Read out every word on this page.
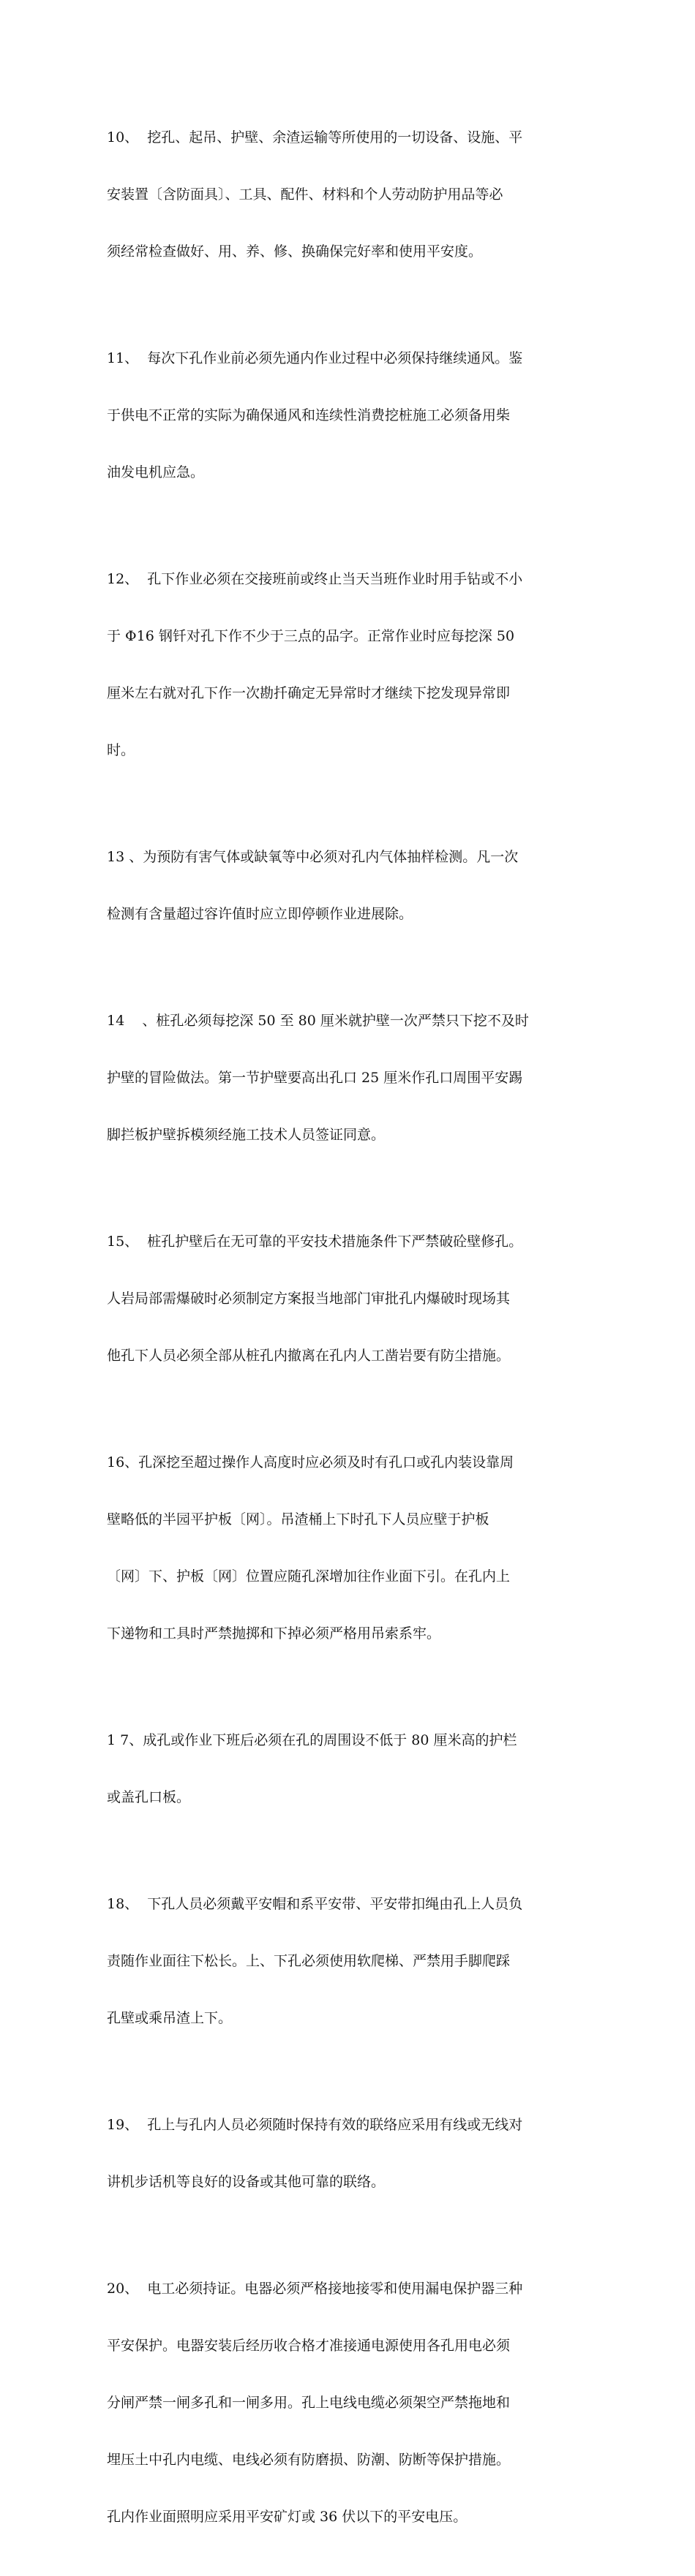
10、  挖孔、起吊、护壁、余渣运输等所使用的一切设备、设施、平

安装置〔含防面具〕、工具、配件、材料和个人劳动防护用品等必

须经常检查做好、用、养、修、换确保完好率和使用平安度。

11、  每次下孔作业前必须先通内作业过程中必须保持继续通风。鉴

于供电不正常的实际为确保通风和连续性消费挖桩施工必须备用柴

油发电机应急。

12、  孔下作业必须在交接班前或终止当天当班作业时用手钻或不小

于 Φ16 钢钎对孔下作不少于三点的品字。正常作业时应每挖深 50

厘米左右就对孔下作一次勘扦确定无异常时才继续下挖发现异常即

时。

13 、为预防有害气体或缺氧等中必须对孔内气体抽样检测。凡一次

检测有含量超过容许值时应立即停顿作业进展除。

14    、桩孔必须每挖深 50 至 80 厘米就护壁一次严禁只下挖不及时

护壁的冒险做法。第一节护壁要高出孔口 25 厘米作孔口周围平安踢

脚拦板护壁拆模须经施工技术人员签证同意。

15、  桩孔护壁后在无可靠的平安技术措施条件下严禁破砼壁修孔。

人岩局部需爆破时必须制定方案报当地部门审批孔内爆破时现场其

他孔下人员必须全部从桩孔内撤离在孔内人工凿岩要有防尘措施。

16、孔深挖至超过操作人高度时应必须及时有孔口或孔内装设靠周

壁略低的半园平护板〔网〕。吊渣桶上下时孔下人员应壁于护板

〔网〕下、护板〔网〕位置应随孔深增加往作业面下引。在孔内上

下递物和工具时严禁抛掷和下掉必须严格用吊索系牢。

1 7、成孔或作业下班后必须在孔的周围设不低于 80 厘米高的护栏

或盖孔口板。

18、  下孔人员必须戴平安帽和系平安带、平安带扣绳由孔上人员负

责随作业面往下松长。上、下孔必须使用软爬梯、严禁用手脚爬踩

孔壁或乘吊渣上下。

19、  孔上与孔内人员必须随时保持有效的联络应采用有线或无线对

讲机步话机等良好的设备或其他可靠的联络。

20、  电工必须持证。电器必须严格接地接零和使用漏电保护器三种

平安保护。电器安装后经历收合格才准接通电源使用各孔用电必须

分闸严禁一闸多孔和一闸多用。孔上电线电缆必须架空严禁拖地和

埋压土中孔内电缆、电线必须有防磨损、防潮、防断等保护措施。

孔内作业面照明应采用平安矿灯或 36 伏以下的平安电压。
